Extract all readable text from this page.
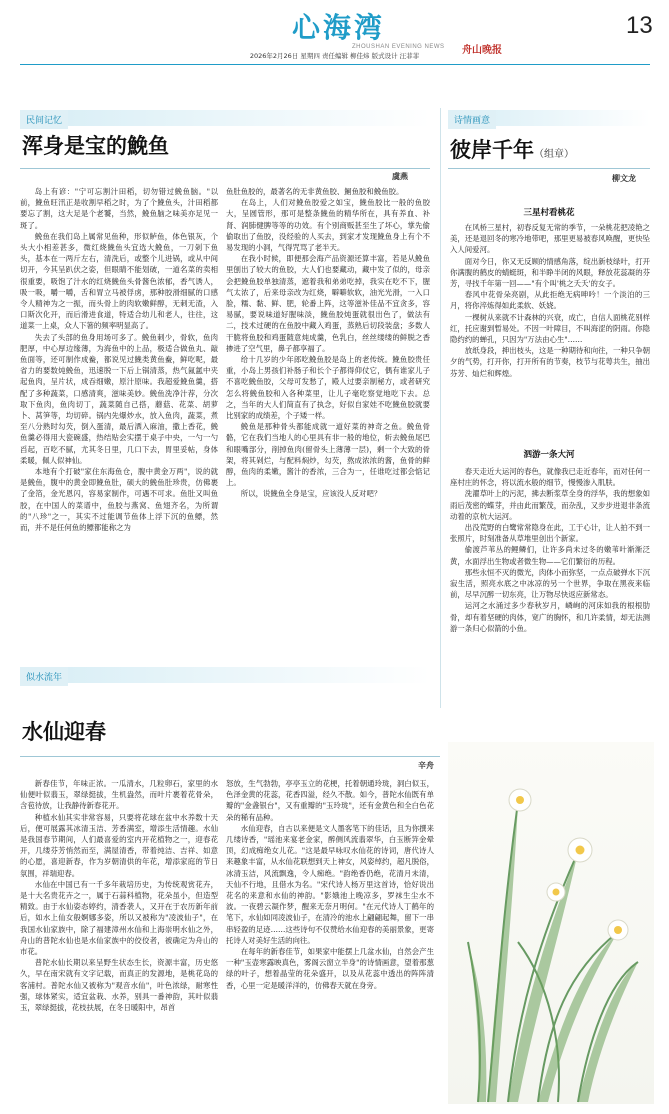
心海湾
ZHOUSHAN EVENING NEWS 舟山晚报
13
2026年2月26日 星期四 责任编辑 柳佳炜 版式设计 汪菲菲
民间记忆
浑身是宝的鮸鱼
虞燕

岛上有谚："宁可忘割汁田稻，切勿错过鮸鱼脑。"以前，鮸鱼旺汛正是收割早稻之时，为了个鮸鱼头，汁田稻都要忘了割，这大足是个老饕，当然，鮸鱼脑之味美亦足见一斑了。

鮸鱼在我们岛上属常见鱼种，形似鲈鱼，体色银灰，个头大小相差甚多，微红烧鮸鱼头宜选大鮸鱼，一刀剁下鱼头，基本在一两斤左右，清洗后，或整个儿进锅，或从中间切开，今其呈趴伏之姿，但眼睛不能划破，一道名菜的卖相很重要，吸饱了汁水的红烧鮸鱼头骨酱色浓郁，香气诱人，吸一吸，嚼一嚼，舌和胃立马被俘虏，那种胶滑细腻的口感令人精神为之一振，而头骨上的肉软嫩鲜醇，无刺无渣，入口斯次化开，而后滑进食道，特适合幼儿和老人，往往，这道菜一上桌，众人下箸的频率明显高了。

失去了头部的鱼身用场可多了。鮸鱼刺少，骨软，鱼肉肥厚，中心厚边缘薄，为海鱼中的上品，极适合做鱼丸、敲鱼面等，还可制作成鲞，都说见过鮸类黄鱼鲞，鲜吃呢，最省力的要数炖鮸鱼，迅速脱一下后上锅清蒸，热气氤氲中夹起鱼肉，呈片状，成吞细嫩，原汁原味。我超爱鮸鱼羹，搭配了多种蔬菜，口感清爽，滋味美妙。鮸鱼洗净汁荐，分次取下鱼肉，鱼肉切丁，蔬菜随自己搭，蘑菇、花菜、胡萝卜、莴笋等，均切碎。锅内先爆炒水，放入鱼肉，蔬菜，煮至八分熟时勾芡，倒入蛋清，最后洒入麻油，撒上香花，鮸鱼羹必得用大瓷碗盛，热结贴会实摆于桌子中央，一勺一勺舀起，百吃不腻，尤其冬日里，几口下去，胃里妥帖，身体柔暖，佩人似神仙。

本地有个打破"家住东海鱼仓，腹中黄金万两"，说的就是鮸鱼，腹中的黄金即鮸鱼肚，硕大的鮸鱼肚珍贵，仿佛裹了金箔，金光恩闪，容易家制作，可遇不可求。鱼肚又叫鱼胶，在中国人的菜谱中，鱼胶与燕窝、鱼翅齐名，为所谓的"八珍"之一，其实不过能调节鱼体上浮下沉的鱼鳔，然而，并不是任何鱼的鳔都能称之为

鱼肚鱼胶的，最著名的无非黄鱼胶、鮰鱼胶和鮸鱼胶。

在岛上，人们对鮸鱼胶爱之如宝，鮸鱼胶比一般的鱼胶大，呈圆管形，那可是整条鮸鱼的精华所在，具有养血、补肾、润肺健脾等等的功效。有个别商贩甚至生了坏心，掌先偷偷取出了鱼胶，没经验的人买去，到家才发现鮸鱼身上有个不易发现的小洞，气得咒骂了老半天。

在我小时候，即便那会海产品资源还算丰富，若是从鮸鱼里刨出了较大的鱼胶，大人们也要藏动，藏中发了似的，母亲会把鮸鱼胶单独清蒸，遮着我和弟弟吃掉，我实在吃不下，腥气太浓了，后来母亲改为红烧，噼噼软软，油光光滑，一入口脸，糯、黏、鲜、肥，轮番上阵，这等滋补佳品不宜贪多，容易腻，要说味道好腥味淡，鮸鱼胶炖蛋就很出色了，做法有二，技术过硬的在鱼胶中藏入鸡蛋，蒸熟后切段装盘；多数人干脆将鱼胶和鸡蛋随意炖成羹，色乳白，丝丝缕缕的鲜脱之香掺进了空气里，鼻子都享福了。

给十几岁的少年郎吃鮸鱼胶是岛上的老传统。鮸鱼胶贵任重，小岛上男孩们补肠子和长个子都得仰仗它，偶有谁家儿子不喜吃鮸鱼胶，父母可发愁了，殿人过要亲制秘方，或者研究怎么将鮸鱼胶和入各种菜里，让儿子毫吃察觉地吃下去。总之，当年的大人们简直有了执念，好似自家娃不吃鮸鱼胶就要比别家的成绩差，个子矮一样。

鮸鱼是那种骨头都能成就一道好菜的神奇之鱼。鮸鱼骨骼，它在我们当地人的心里具有非一般的地位，斩去鮸鱼尾巴和眼嘴部分，削掉鱼肉(留骨头上薄薄一层)，剩一个大致的骨架，将其剁烂，与配料焖炒，勾芡，熬成浓浓的酱，鱼骨的鲜醇，鱼肉的柔嫩，酱汁的香浓，三合为一，任谁吃过都会惦记上。

所以，说鮸鱼全身是宝，应该没人反对吧？

诗情画意
彼岸千年（组章）
柳文龙
三星村看桃花

在风桥三星村，初春反复无常的季节，一朵桃花把凌艳之美，还是退回冬的寒冷地带吧，那里更易被春风唤醒，更快坠入人间爱河。

面对今日，你又无反顾的情感角落，绽出新枝绿叶，打开你满腹的鹤皮的蜻蜓斑，和半睁半闭的风眼，释放花蕊凝的芬芳，寻找千年第一回——"有个叫'桃之夭夭'的女子。

春风中花骨朵亮剧，从此拒绝无病呻吟！一个淡泊的三月，将你淬炼得如此柔软、妖娆。

一棵树从来就不计森林的兴衰，成亡，自信人面桃花别样红，托应谢到暂易处。不因一叶障目，不叫海涩的阴雨。你隐隐约约的蝉孔，只因为"万法由心生"……

放纸身段，抻出枝头，这是一种期待和向往，一种只争朝夕的气势，打开你，打开所有的节奏，枝节与花萼共生，抽出芬芳、灿烂和辉煌。

泗游一条大河

春天走近大运河的春色，就像我已走近春年，而对任何一座村庄的怀念，将以流水般的细节，慢慢渗入肌肤。

洗濯草叶上的污泥，拂去断浆草全身的浮华，我的想象如雨后茂密的蝶芽，并由此而繁茂，而杂乱，又步步进退非条流动着的京杭大运河。

出没荒野的白鹭常常隐身在此，工于心计，让人拍不到一张照片，时刻准备从草堆里创出个新家。

偷渡芦苇丛的鲤鳞们，让许多尚未过冬的嫩苇叶渐渐泛黄，水面浮出生物或者微生物——它们繁衍的历程。

那些永恒不灭的微光，肉体小而弥坚，一点点破弹水下沉寂生活，照亮水底之中冰凉的另一个世界，争取在黑夜来临前，尽早沉醉一切东亮，让万物尽快返应新常态。

运河之水涌过多少春秋岁月，嶙峋的河床如我的根根肋骨，却有着坚硬的肉体，宽广的胸怀，和几许柔情，却无法测游一条归心似箭的小鱼。

似水流年
水仙迎春
辛舟

新春佳节，年味正浓。一瓜清水，几粒卵石，家里的水仙便叶似翡玉，翠绿挺拔，生机盎然，而叶片裹着花骨朵，含苞待放，让我静待新春花开。

种植水仙其实非常容易，只要将花球在盆中水养数十天后，便可展露其冰清玉洁、芳香满室，增添生活情趣。水仙是我国春节期间，人们最喜爱的室内开花植物之一，迎春花开，几缕芬芳悄然而至，满屋清香，带着纯洁、吉祥、如意的心愿，喜迎新春，作为岁朝清供的年花，增添家庭的节日氛围，祥瑞迎春。

水仙在中国已有一千多年栽培历史，为传统观赏花卉，是十大名贵花卉之一，属于石蒜科植物，花朵虽小，但造型精致。由于水仙姿态婷约，清香袭人，又开在于农历新年前后，如水上仙女般婀娜多姿，所以又被称为"凌波仙子"，在我国水仙家族中，除了福建漳州水仙和上海崇明水仙之外，舟山的普陀水仙也是水仙家族中的佼佼者，被确定为舟山的市花。

普陀水仙长期以来呈野生状态生长，资源丰富，历史悠久，早在南宋就有文字记载，而真正的发源地，是桃花岛的客浦村。普陀水仙又被称为"观音水仙"，叶色浓绿，耐寒性强，球体紧实，适宜盆栽、水养，别具一番神韵，其叶似翡玉，翠绿挺拔，花枝扶展，在冬日暖阳中，昂首

怒放，生气勃勃，亭亭玉立的花梗，托着朝通玲珑，洞白似玉，色泽金黄的花蕊，花香四溢，经久不散。如今，普陀水仙既有单瓣的"金盏银台"，又有重瓣的"玉玲珑"，还有金黄色和全白色花朵的稀有品种。

水仙迎春，自古以来便是文人墨客笔下的佳话，且为你撰来几缕诗香，"瑶池来宴老金家，醉侧风流翡翠华，白玉断笄金晕顶，幻成痴绝女儿花。"这是最早咏叹水仙花的诗词，唐代诗人来趣象丰富，从水仙花联想到天上神女，风姿绰约，超凡脱俗，冰清玉洁，风流飘逸，令人痴绝。"韵绝香仍绝，花清月未清，天仙不行地，且借水为名。"宋代诗人杨万里这首诗，恰好说出花名的来意和水仙的神韵。"影娥池上晚凉多，罗袜生尘水不波。一夜碧云凝作梦，醒来无奈月明何。"在元代诗人丁鹤年的笔下，水仙如同凌波仙子，在清冷的池水上翩翩起舞，留下一串串轻盈的足迹……这些诗句不仅赞给水仙迎春的美丽景象，更寄托诗人对美好生活的向往。

在每年的新春佳节，如果家中能摆上几盆水仙，自然会产生一种"玉壶寒露映真色，雾阁云窗立半身"的诗情画意，望着那葱绿的叶子，想着晶莹的花朵盛开，以及从花蕊中透出的阵阵清香，心里一定是暖洋洋的，仿佛春天就在身旁。
